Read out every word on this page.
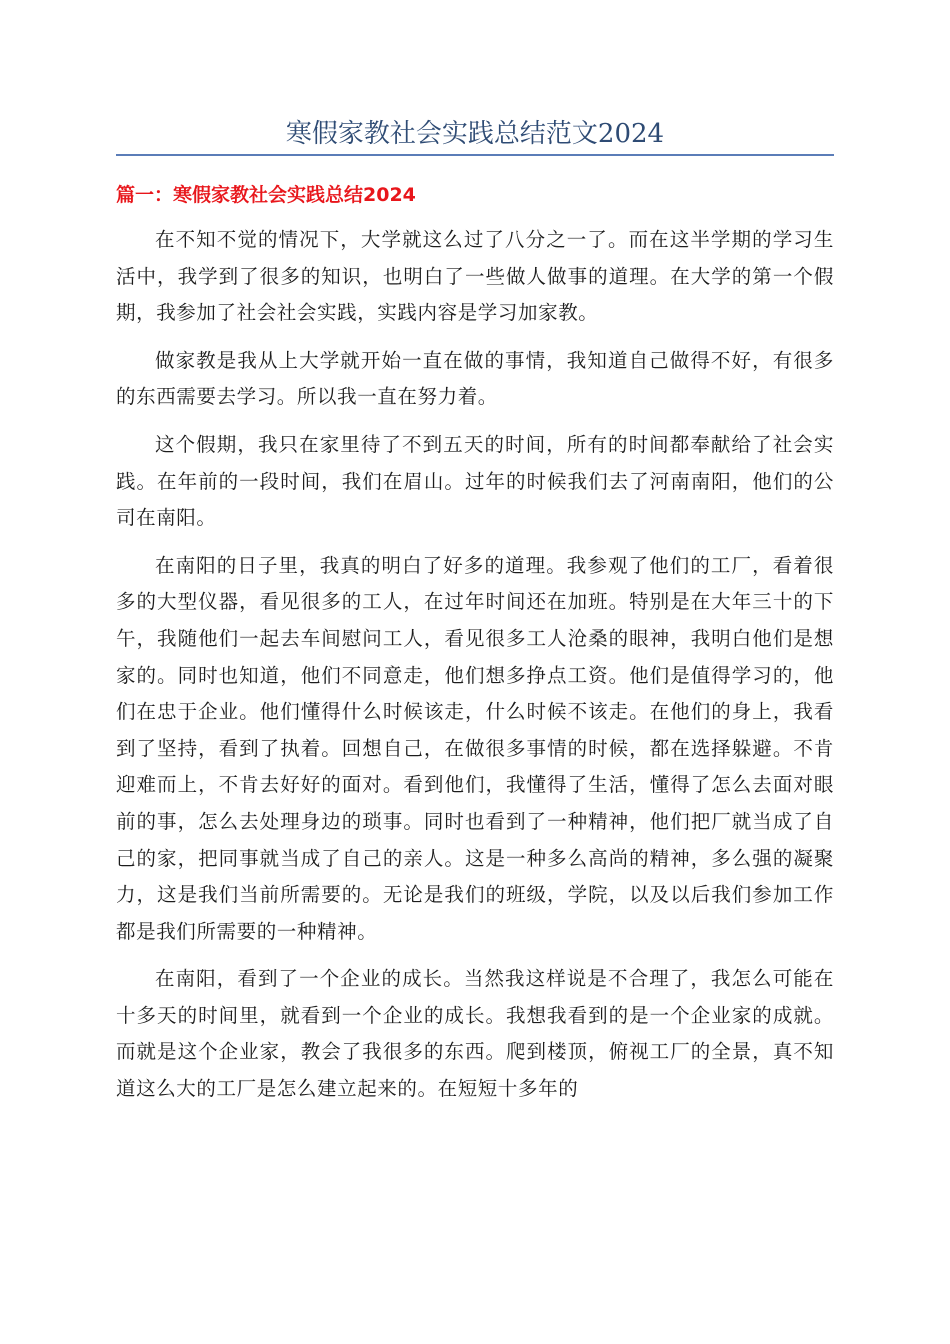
寒假家教社会实践总结范文2024
篇一：寒假家教社会实践总结2024

在不知不觉的情况下，大学就这么过了八分之一了。而在这半学期的学习生活中，我学到了很多的知识，也明白了一些做人做事的道理。在大学的第一个假期，我参加了社会社会实践，实践内容是学习加家教。

做家教是我从上大学就开始一直在做的事情，我知道自己做得不好，有很多的东西需要去学习。所以我一直在努力着。

这个假期，我只在家里待了不到五天的时间，所有的时间都奉献给了社会实践。在年前的一段时间，我们在眉山。过年的时候我们去了河南南阳，他们的公司在南阳。

在南阳的日子里，我真的明白了好多的道理。我参观了他们的工厂，看着很多的大型仪器，看见很多的工人，在过年时间还在加班。特别是在大年三十的下午，我随他们一起去车间慰问工人，看见很多工人沧桑的眼神，我明白他们是想家的。同时也知道，他们不同意走，他们想多挣点工资。他们是值得学习的，他们在忠于企业。他们懂得什么时候该走，什么时候不该走。在他们的身上，我看到了坚持，看到了执着。回想自己，在做很多事情的时候，都在选择躲避。不肯迎难而上，不肯去好好的面对。看到他们，我懂得了生活，懂得了怎么去面对眼前的事，怎么去处理身边的琐事。同时也看到了一种精神，他们把厂就当成了自己的家，把同事就当成了自己的亲人。这是一种多么高尚的精神，多么强的凝聚力，这是我们当前所需要的。无论是我们的班级，学院，以及以后我们参加工作都是我们所需要的一种精神。

在南阳，看到了一个企业的成长。当然我这样说是不合理了，我怎么可能在十多天的时间里，就看到一个企业的成长。我想我看到的是一个企业家的成就。而就是这个企业家，教会了我很多的东西。爬到楼顶，俯视工厂的全景，真不知道这么大的工厂是怎么建立起来的。在短短十多年的
